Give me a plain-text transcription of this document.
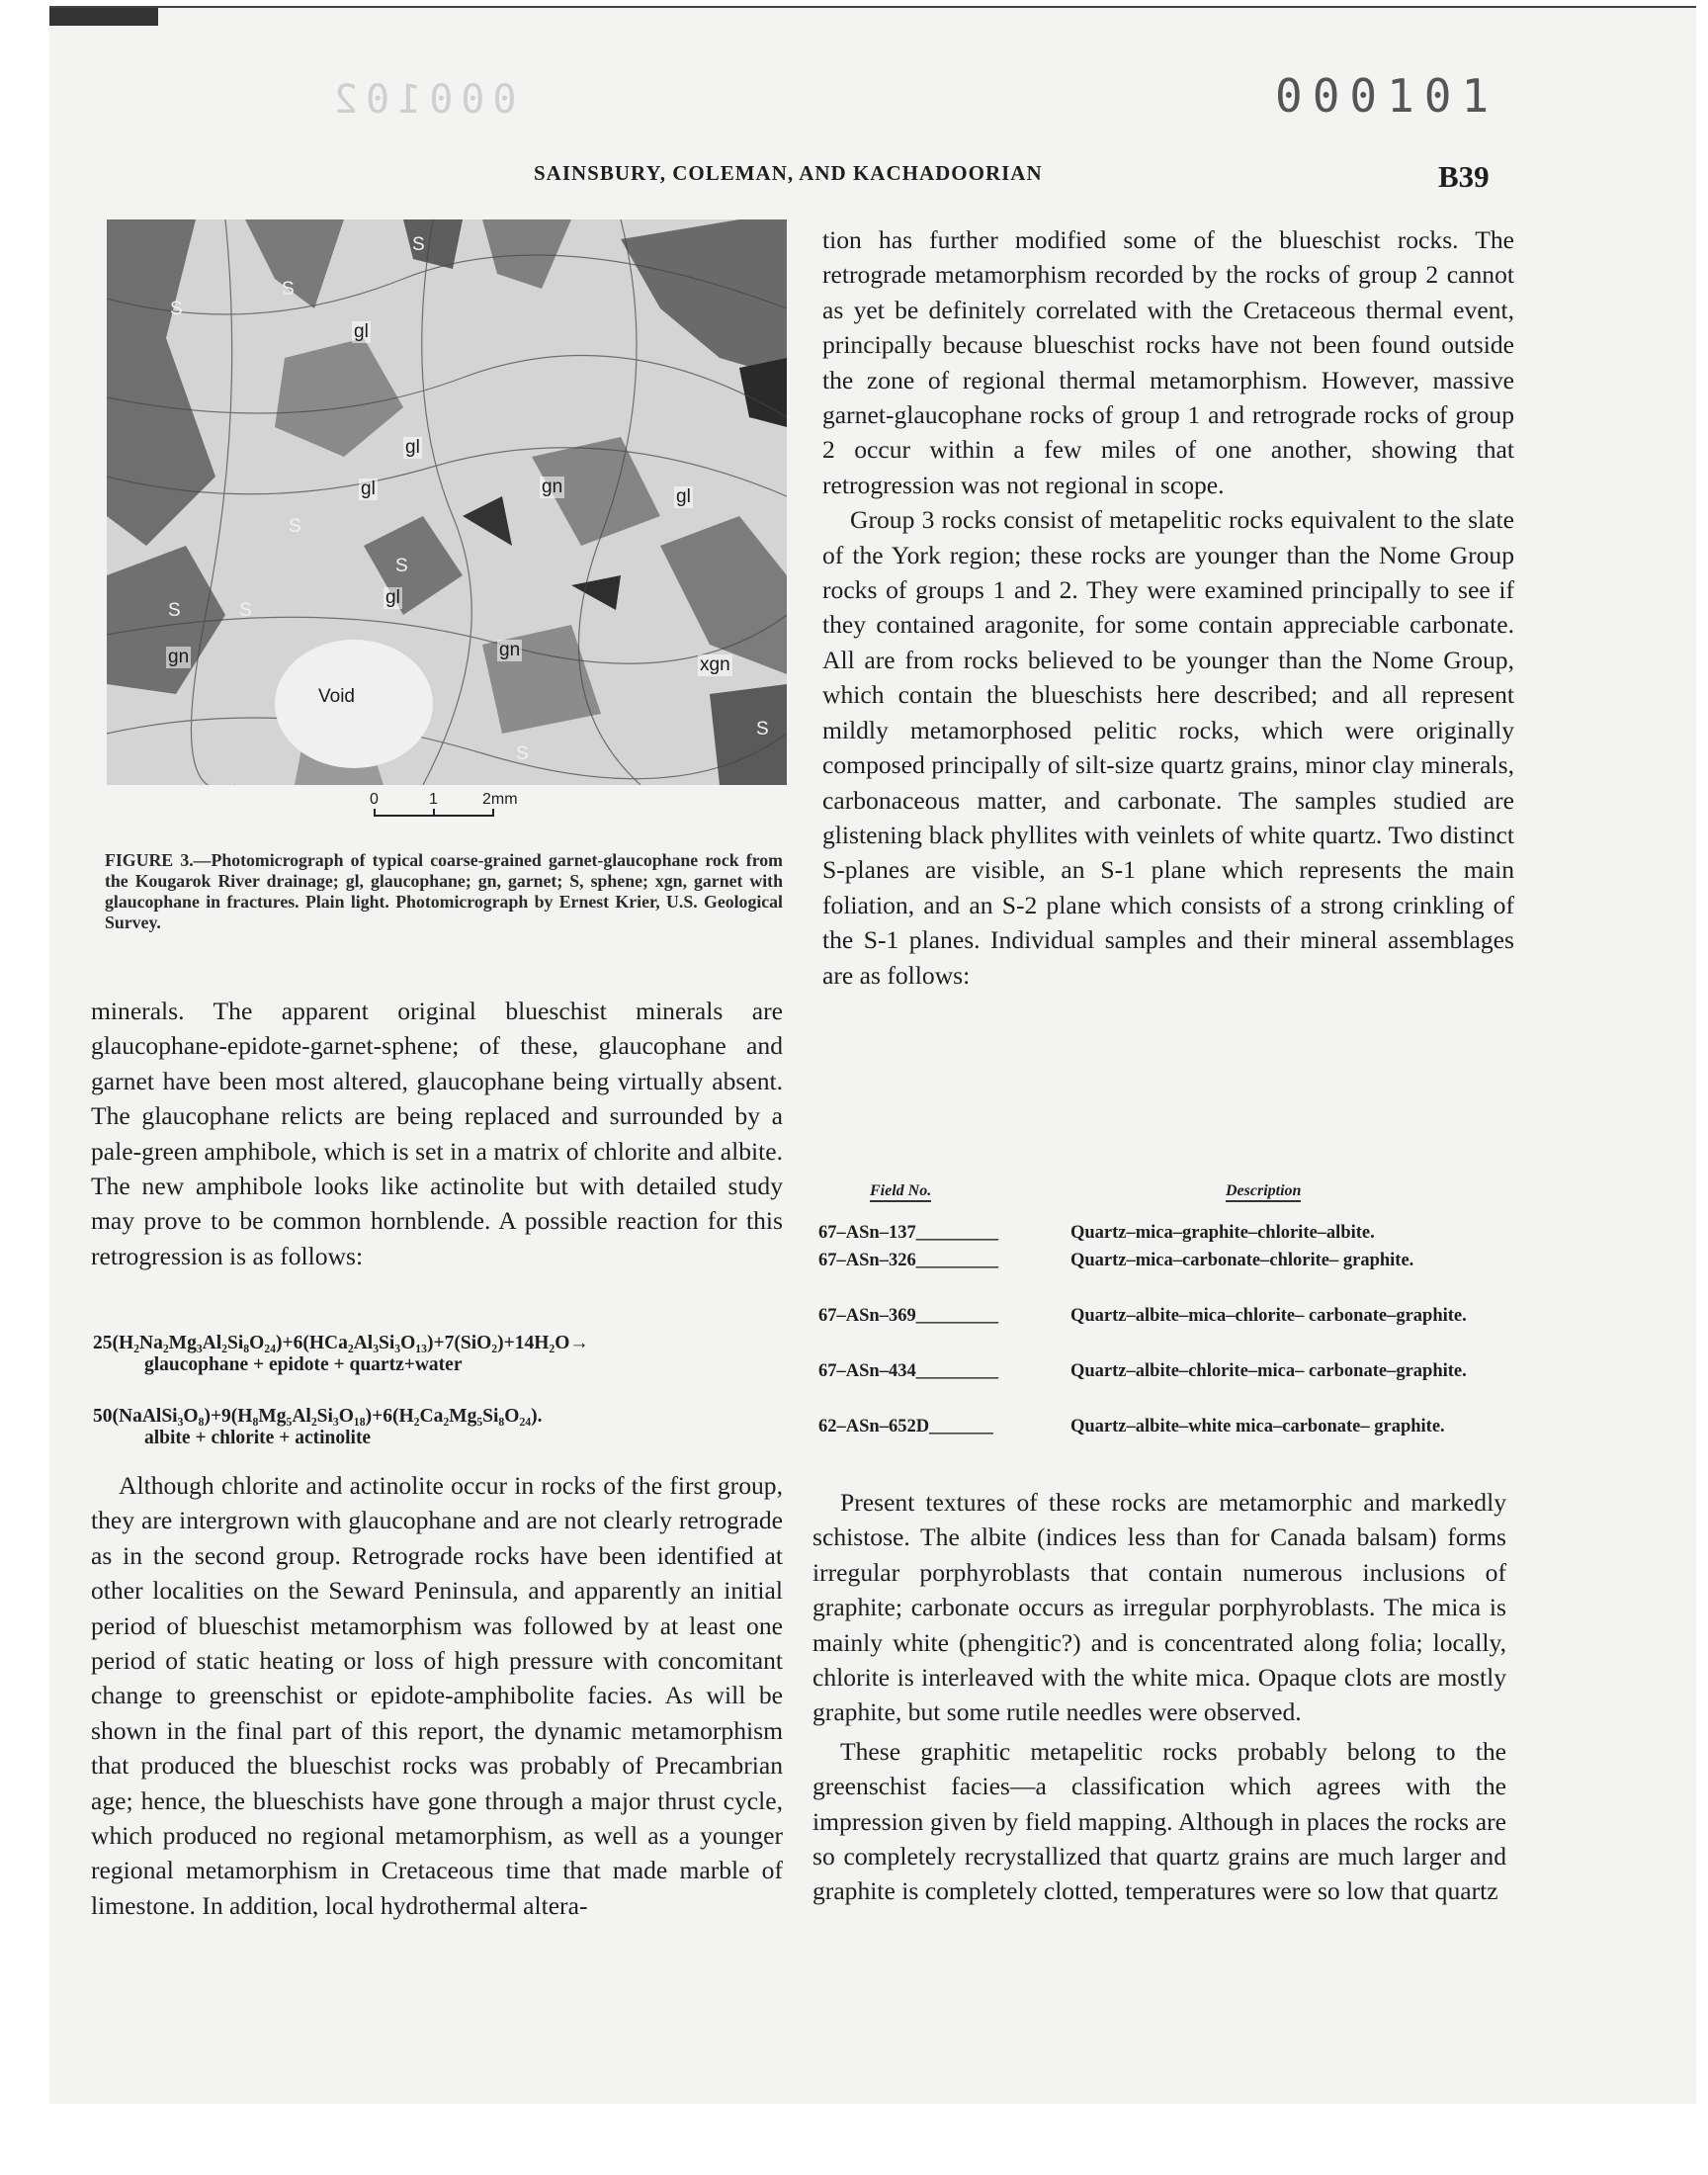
000102	000101
SAINSBURY, COLEMAN, AND KACHADOORIAN	B39
S
S
gl
S
gl
gl
S
gn	gl
S
gl
S	S
gn	gn
xgn
S
S
Void
0	1	2mm
FIGURE 3.—Photomicrograph of typical coarse-grained garnet-glaucophane rock from the Kougarok River drainage; gl, glaucophane; gn, garnet; S, sphene; xgn, garnet with glaucophane in fractures. Plain light. Photomicrograph by Ernest Krier, U.S. Geological Survey.

minerals. The apparent original blueschist minerals are glaucophane-epidote-garnet-sphene; of these, glaucophane and garnet have been most altered, glaucophane being virtually absent. The glaucophane relicts are being replaced and surrounded by a pale-green amphibole, which is set in a matrix of chlorite and albite. The new amphibole looks like actinolite but with detailed study may prove to be common hornblende. A possible reaction for this retrogression is as follows:

25(H₂Na₂Mg₃Al₂Si₈O₂₄)+6(HCa₂Al₃Si₃O₁₃)+7(SiO₂)+14H₂O→
glaucophane + epidote + quartz+water
50(NaAlSi₃O₈)+9(H₈Mg₅Al₂Si₃O₁₈)+6(H₂Ca₂Mg₅Si₈O₂₄).
albite + chlorite + actinolite

Although chlorite and actinolite occur in rocks of the first group, they are intergrown with glaucophane and are not clearly retrograde as in the second group. Retrograde rocks have been identified at other localities on the Seward Peninsula, and apparently an initial period of blueschist metamorphism was followed by at least one period of static heating or loss of high pressure with concomitant change to greenschist or epidote-amphibolite facies. As will be shown in the final part of this report, the dynamic metamorphism that produced the blueschist rocks was probably of Precambrian age; hence, the blueschists have gone through a major thrust cycle, which produced no regional metamorphism, as well as a younger regional metamorphism in Cretaceous time that made marble of limestone. In addition, local hydrothermal altera-

tion has further modified some of the blueschist rocks. The retrograde metamorphism recorded by the rocks of group 2 cannot as yet be definitely correlated with the Cretaceous thermal event, principally because blueschist rocks have not been found outside the zone of regional thermal metamorphism. However, massive garnet-glaucophane rocks of group 1 and retrograde rocks of group 2 occur within a few miles of one another, showing that retrogression was not regional in scope.

Group 3 rocks consist of metapelitic rocks equivalent to the slate of the York region; these rocks are younger than the Nome Group rocks of groups 1 and 2. They were examined principally to see if they contained aragonite, for some contain appreciable carbonate. All are from rocks believed to be younger than the Nome Group, which contain the blueschists here described; and all represent mildly metamorphosed pelitic rocks, which were originally composed principally of silt-size quartz grains, minor clay minerals, carbonaceous matter, and carbonate. The samples studied are glistening black phyllites with veinlets of white quartz. Two distinct S-planes are visible, an S-1 plane which represents the main foliation, and an S-2 plane which consists of a strong crinkling of the S-1 planes. Individual samples and their mineral assemblages are as follows:

Field No.	Description
67–ASn–137_________	Quartz–mica–graphite–chlorite–albite.
67–ASn–326_________	Quartz–mica–carbonate–chlorite– graphite.
67–ASn–369_________	Quartz–albite–mica–chlorite– carbonate–graphite.
67–ASn–434_________	Quartz–albite–chlorite–mica– carbonate–graphite.
62–ASn–652D_______	Quartz–albite–white mica–carbonate– graphite.

Present textures of these rocks are metamorphic and markedly schistose. The albite (indices less than for Canada balsam) forms irregular porphyroblasts that contain numerous inclusions of graphite; carbonate occurs as irregular porphyroblasts. The mica is mainly white (phengitic?) and is concentrated along folia; locally, chlorite is interleaved with the white mica. Opaque clots are mostly graphite, but some rutile needles were observed.

These graphitic metapelitic rocks probably belong to the greenschist facies—a classification which agrees with the impression given by field mapping. Although in places the rocks are so completely recrystallized that quartz grains are much larger and graphite is completely clotted, temperatures were so low that quartz
